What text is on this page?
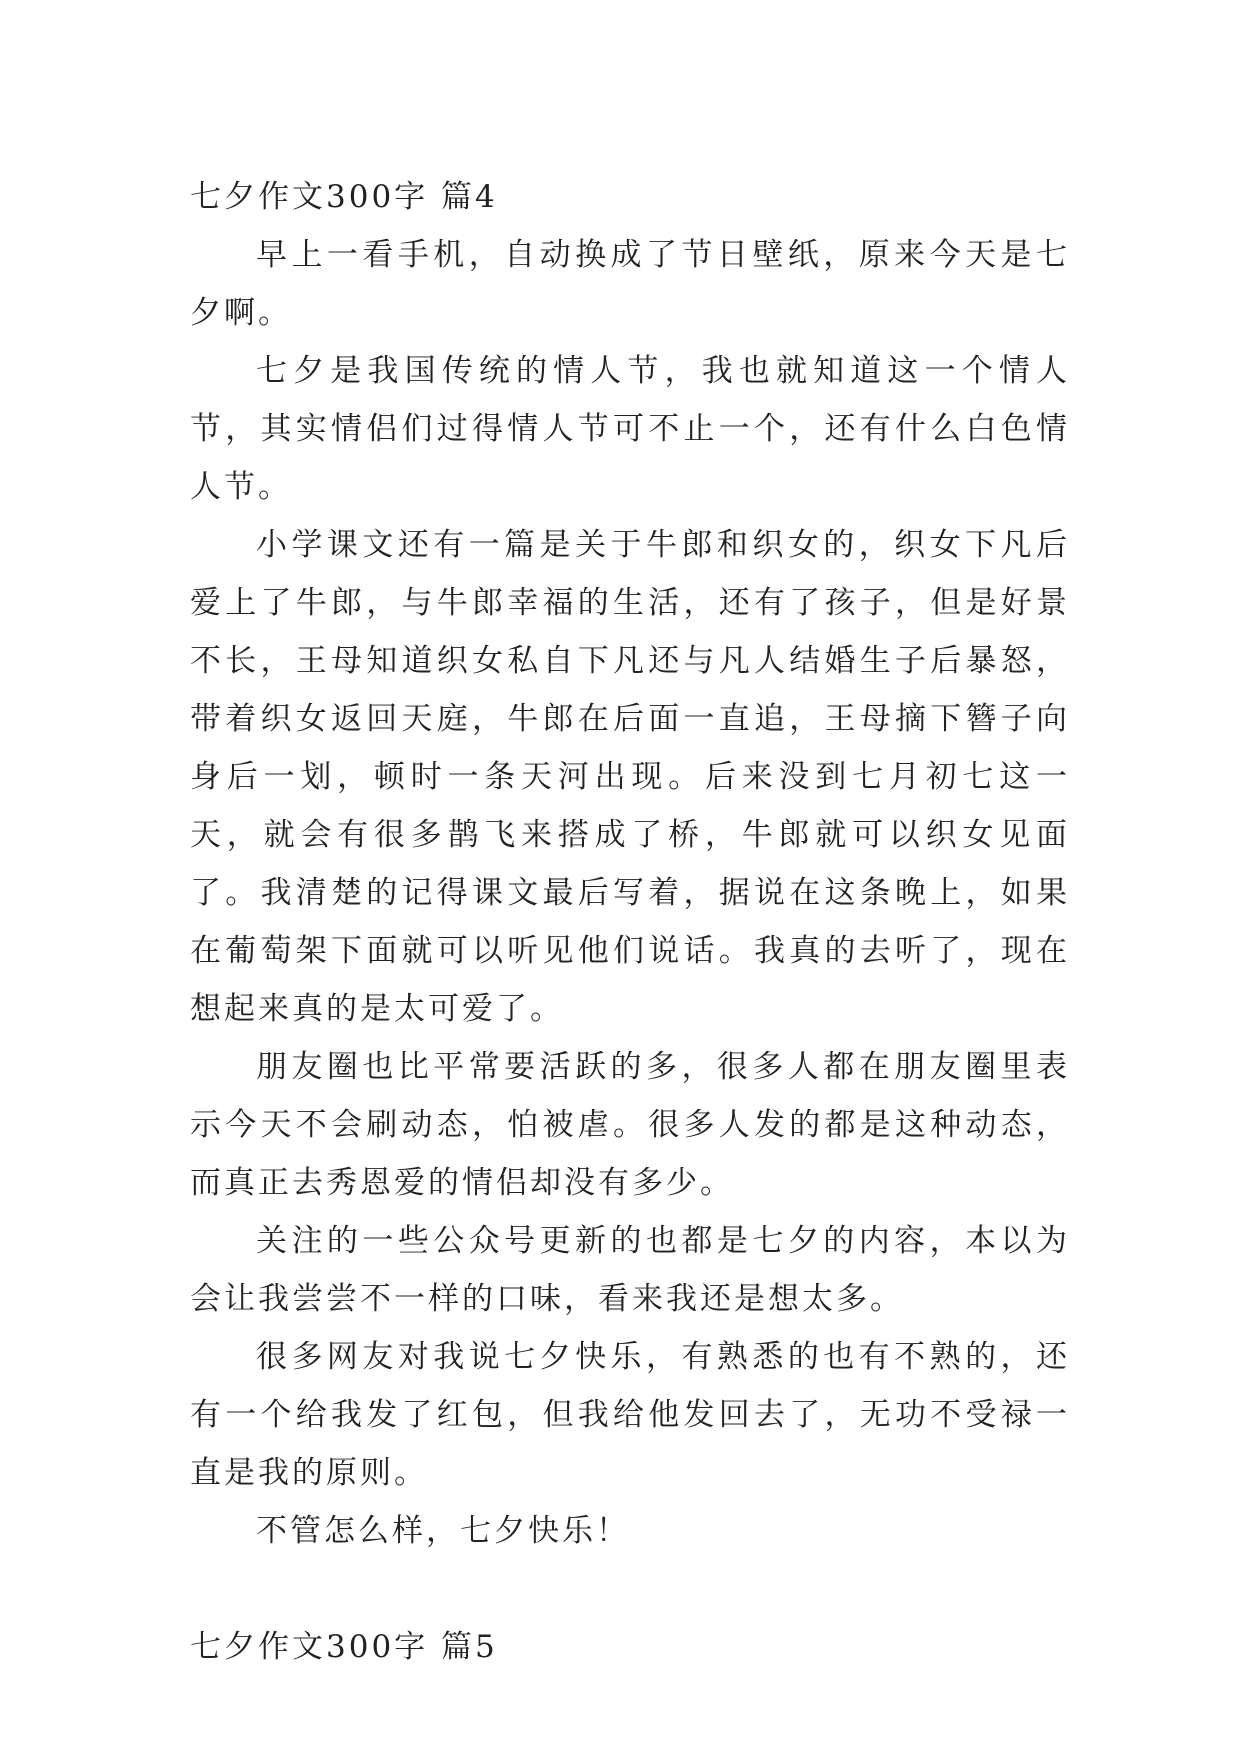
七夕作文300字 篇4

早上一看手机，自动换成了节日壁纸，原来今天是七夕啊。

七夕是我国传统的情人节，我也就知道这一个情人节，其实情侣们过得情人节可不止一个，还有什么白色情人节。

小学课文还有一篇是关于牛郎和织女的，织女下凡后爱上了牛郎，与牛郎幸福的生活，还有了孩子，但是好景不长，王母知道织女私自下凡还与凡人结婚生子后暴怒，带着织女返回天庭，牛郎在后面一直追，王母摘下簪子向身后一划，顿时一条天河出现。后来没到七月初七这一天，就会有很多鹊飞来搭成了桥，牛郎就可以织女见面了。我清楚的记得课文最后写着，据说在这条晚上，如果在葡萄架下面就可以听见他们说话。我真的去听了，现在想起来真的是太可爱了。

朋友圈也比平常要活跃的多，很多人都在朋友圈里表示今天不会刷动态，怕被虐。很多人发的都是这种动态，而真正去秀恩爱的情侣却没有多少。

关注的一些公众号更新的也都是七夕的内容，本以为会让我尝尝不一样的口味，看来我还是想太多。

很多网友对我说七夕快乐，有熟悉的也有不熟的，还有一个给我发了红包，但我给他发回去了，无功不受禄一直是我的原则。

不管怎么样，七夕快乐！

七夕作文300字 篇5
